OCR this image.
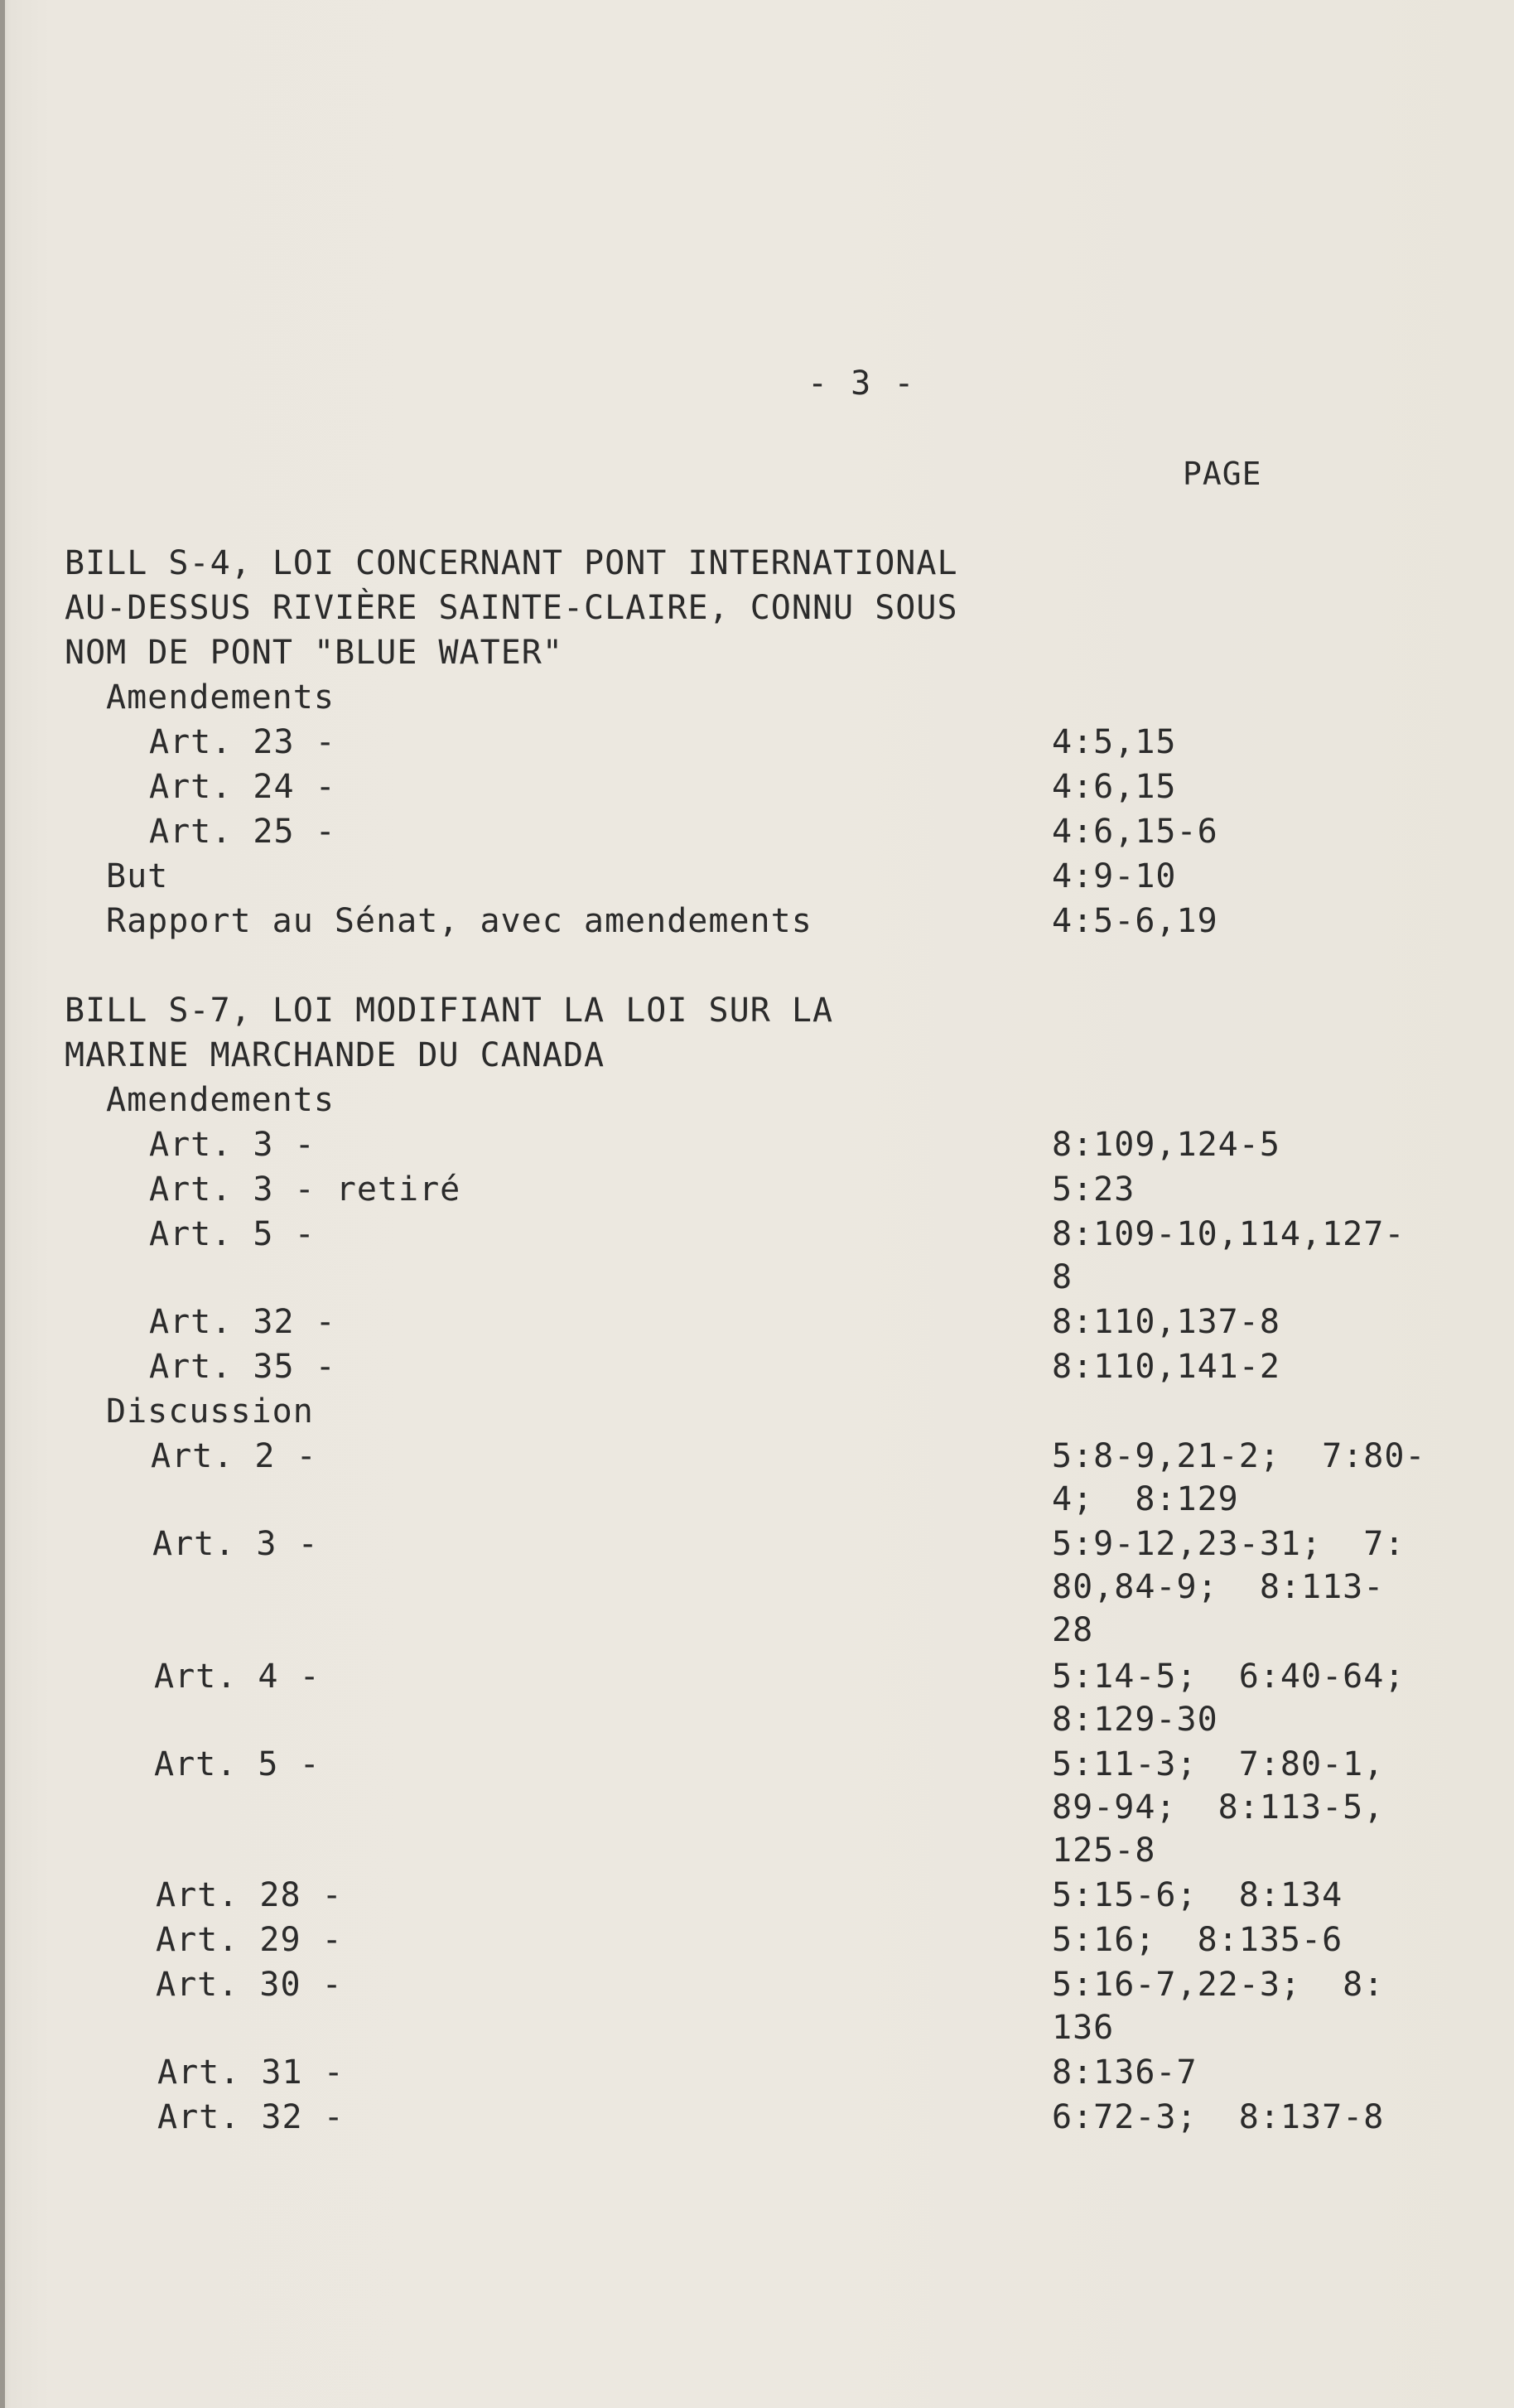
- 3 -
PAGE
BILL S-4, LOI CONCERNANT PONT INTERNATIONAL
AU-DESSUS RIVIÈRE SAINTE-CLAIRE, CONNU SOUS
NOM DE PONT "BLUE WATER"
Amendements
Art. 23 -	4:5,15
Art. 24 -	4:6,15
Art. 25 -	4:6,15-6
But	4:9-10
Rapport au Sénat, avec amendements	4:5-6,19
BILL S-7, LOI MODIFIANT LA LOI SUR LA
MARINE MARCHANDE DU CANADA
Amendements
Art. 3 -	8:109,124-5
Art. 3 - retiré	5:23
Art. 5 -	8:109-10,114,127-
8
Art. 32 -	8:110,137-8
Art. 35 -	8:110,141-2
Discussion
Art. 2 -	5:8-9,21-2;  7:80-
4;  8:129
Art. 3 -	5:9-12,23-31;  7:
80,84-9;  8:113-
28
Art. 4 -	5:14-5;  6:40-64;
8:129-30
Art. 5 -	5:11-3;  7:80-1,
89-94;  8:113-5,
125-8
Art. 28 -	5:15-6;  8:134
Art. 29 -	5:16;  8:135-6
Art. 30 -	5:16-7,22-3;  8:
136
Art. 31 -	8:136-7
Art. 32 -	6:72-3;  8:137-8
